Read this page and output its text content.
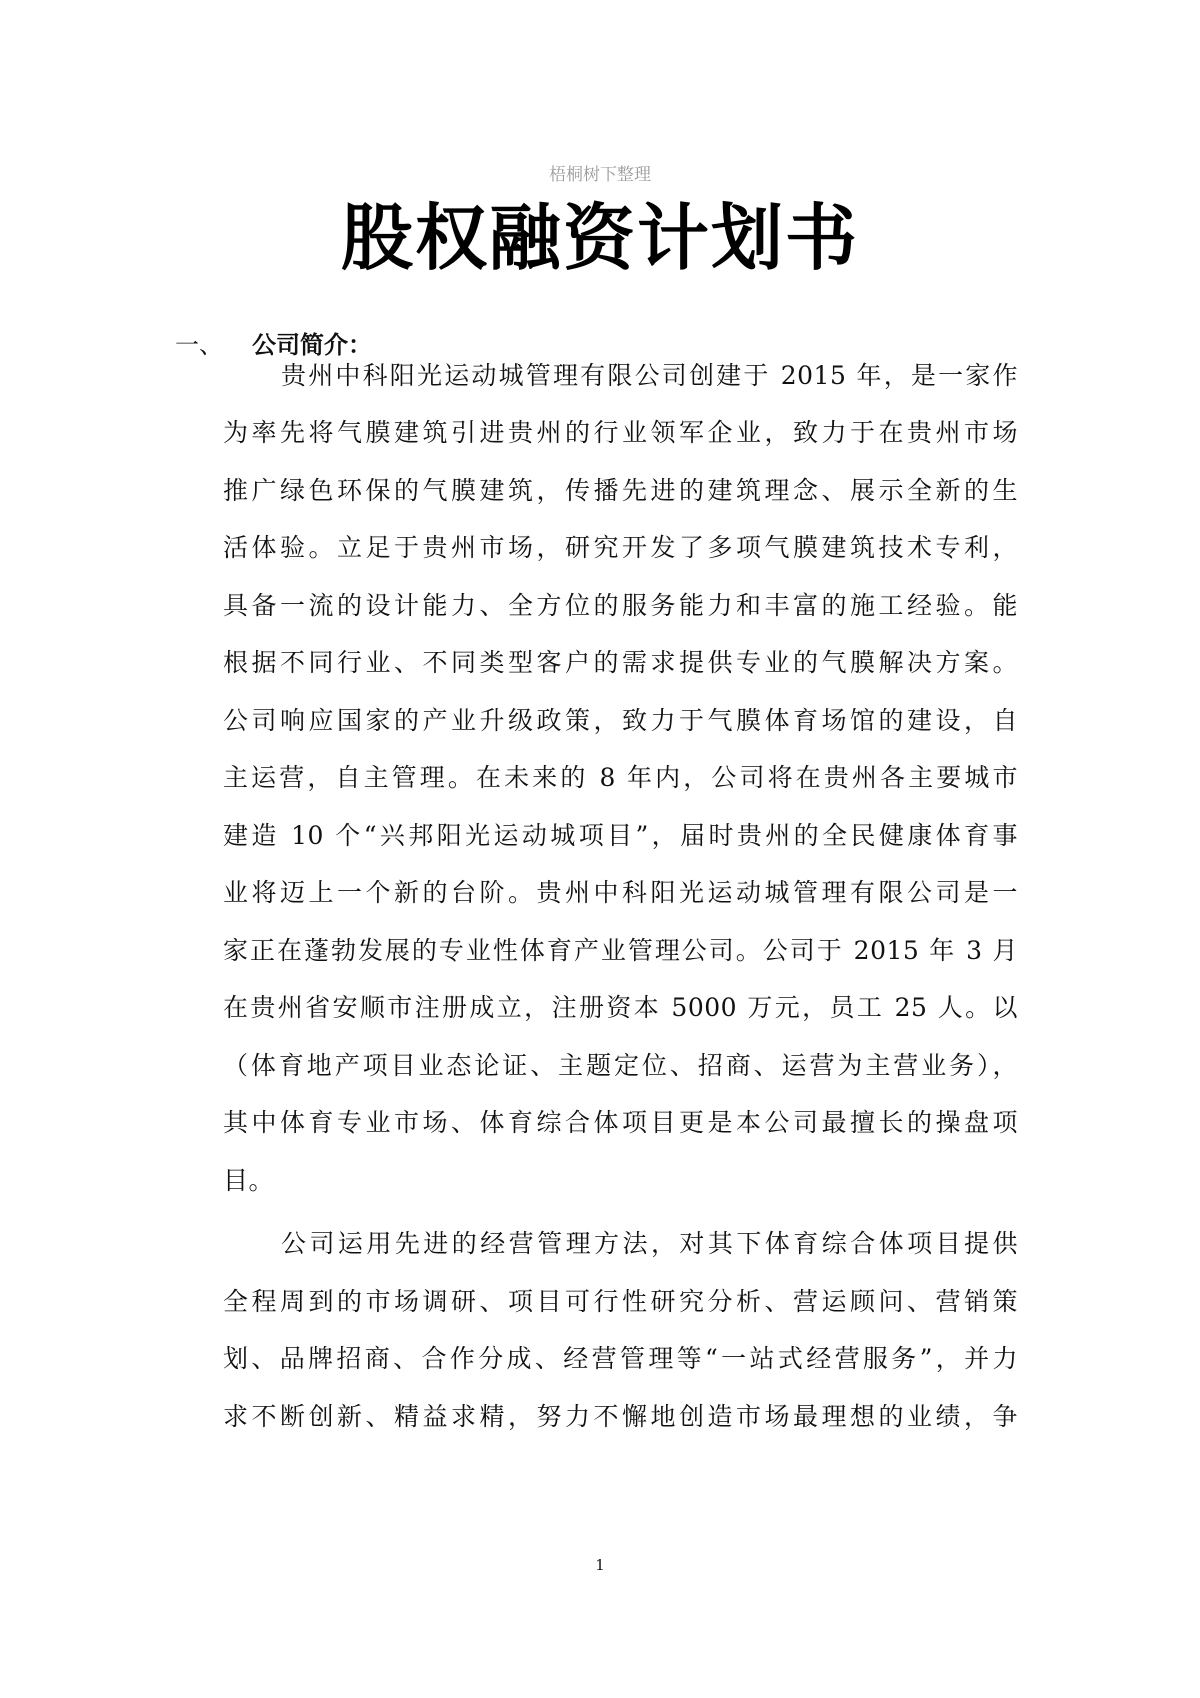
梧桐树下整理
股权融资计划书
一、	公司简介：
贵州中科阳光运动城管理有限公司创建于 2015 年，是一家作
为率先将气膜建筑引进贵州的行业领军企业，致力于在贵州市场
推广绿色环保的气膜建筑，传播先进的建筑理念、展示全新的生
活体验。立足于贵州市场，研究开发了多项气膜建筑技术专利，
具备一流的设计能力、全方位的服务能力和丰富的施工经验。能
根据不同行业、不同类型客户的需求提供专业的气膜解决方案。
公司响应国家的产业升级政策，致力于气膜体育场馆的建设，自
主运营，自主管理。在未来的 8 年内，公司将在贵州各主要城市
建造 10 个“兴邦阳光运动城项目”，届时贵州的全民健康体育事
业将迈上一个新的台阶。贵州中科阳光运动城管理有限公司是一
家正在蓬勃发展的专业性体育产业管理公司。公司于 2015 年 3 月
在贵州省安顺市注册成立，注册资本 5000 万元，员工 25 人。以
（体育地产项目业态论证、主题定位、招商、运营为主营业务），
其中体育专业市场、体育综合体项目更是本公司最擅长的操盘项
目。
公司运用先进的经营管理方法，对其下体育综合体项目提供
全程周到的市场调研、项目可行性研究分析、营运顾问、营销策
划、品牌招商、合作分成、经营管理等“一站式经营服务”，并力
求不断创新、精益求精，努力不懈地创造市场最理想的业绩，争
1
